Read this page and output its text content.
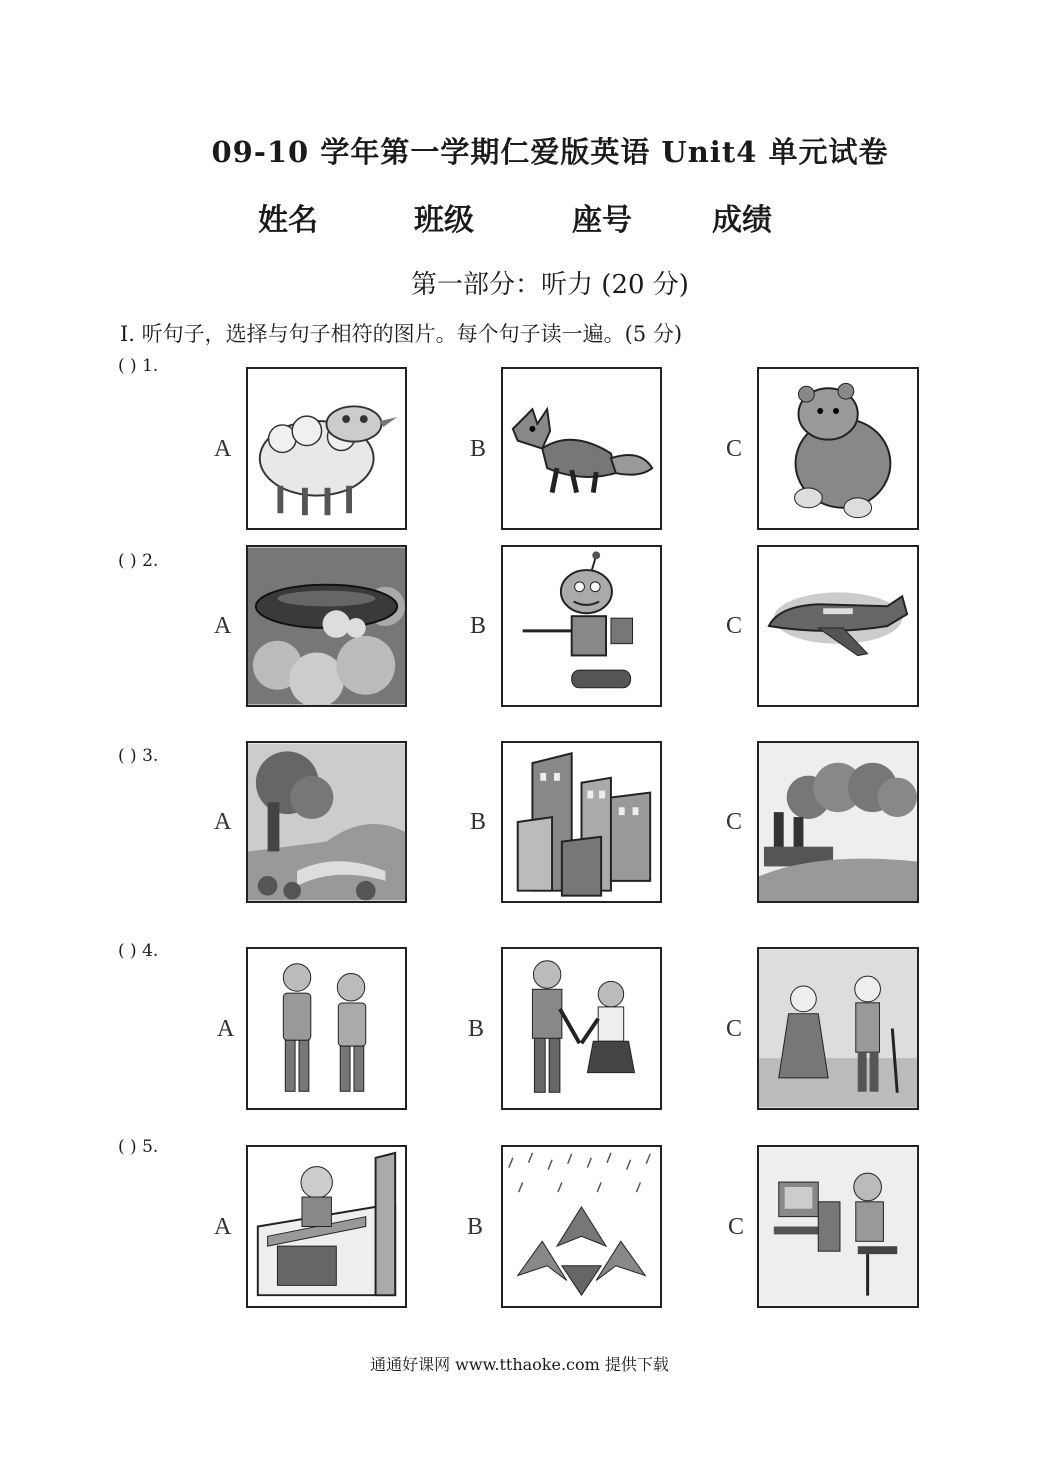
09-10 学年第一学期仁爱版英语 Unit4 单元试卷
姓名	班级	座号	成绩
第一部分：听力 (20 分)
Ⅰ. 听句子，选择与句子相符的图片。每个句子读一遍。(5 分)
( ) 1.
A	B	C
( ) 2.
A	B	C
( ) 3.
A	B	C
( ) 4.
A	B	C
( ) 5.
A	B	C
通通好课网 www.tthaoke.com 提供下载
